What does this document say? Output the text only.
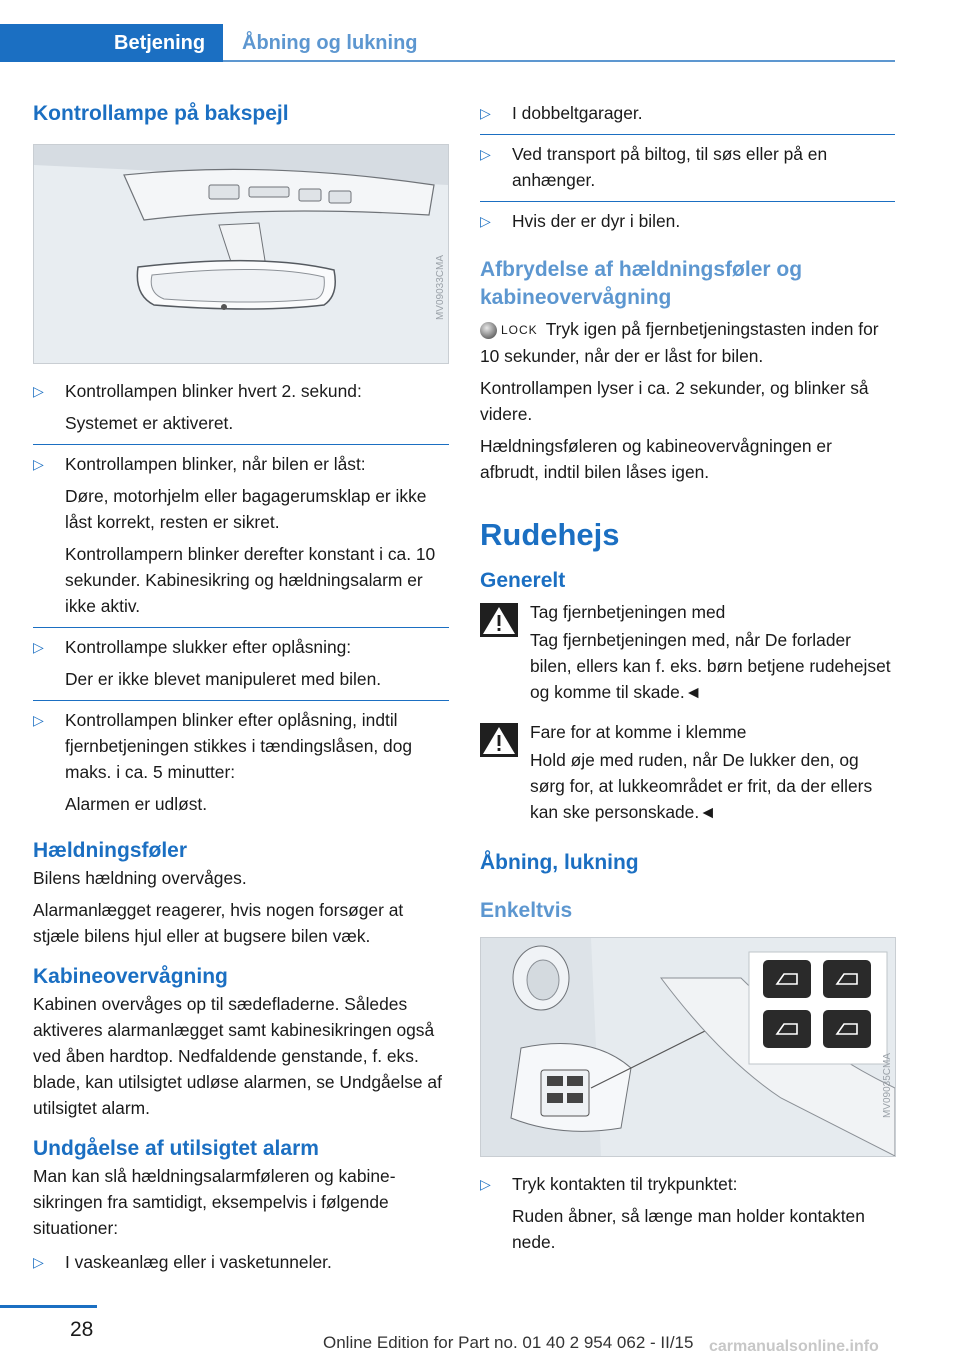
Betjening Åbning og lukning
Kontrollampe på bakspejl
MV09033CMA
▷ Kontrollampen blinker hvert 2. sekund:
Systemet er aktiveret.
▷ Kontrollampen blinker, når bilen er låst:
Døre, motorhjelm eller bagagerumsklap er ikke låst korrekt, resten er sikret.
Kontrollampern blinker derefter konstant i ca. 10 sekunder. Kabinesikring og hældningsalarm er ikke aktiv.
▷ Kontrollampe slukker efter oplåsning:
Der er ikke blevet manipuleret med bilen.
▷ Kontrollampen blinker efter oplåsning, indtil fjernbetjeningen stikkes i tændingslåsen, dog maks. i ca. 5 minutter:
Alarmen er udløst.
Hældningsføler

Bilens hældning overvåges.

Alarmanlægget reagerer, hvis nogen forsøger at stjæle bilens hjul eller at bugsere bilen væk.

Kabineovervågning

Kabinen overvåges op til sædefladerne. Således aktiveres alarmanlægget samt kabinesikringen også ved åben hardtop. Nedfaldende genstande, f. eks. blade, kan utilsigtet udløse alarmen, se Undgåelse af utilsigtet alarm.

Undgåelse af utilsigtet alarm

Man kan slå hældningsalarmføleren og kabinesikringen fra samtidigt, eksempelvis i følgende situationer:

▷ I vaskeanlæg eller i vasketunneler.
▷ I dobbeltgarager.
▷ Ved transport på biltog, til søs eller på en anhænger.
▷ Hvis der er dyr i bilen.
Afbrydelse af hældningsføler og kabineovervågning

LOCK Tryk igen på fjernbetjeningstasten inden for 10 sekunder, når der er låst for bilen.

Kontrollampen lyser i ca. 2 sekunder, og blinker så videre.

Hældningsføleren og kabineovervågningen er afbrudt, indtil bilen låses igen.

Rudehejs
Generelt

Tag fjernbetjeningen med

Tag fjernbetjeningen med, når De forlader bilen, ellers kan f. eks. børn betjene rudehejset og komme til skade.◄

Fare for at komme i klemme

Hold øje med ruden, når De lukker den, og sørg for, at lukkeområdet er frit, da der ellers kan ske personskade.◄

Åbning, lukning
Enkeltvis
MV09035CMA
▷ Tryk kontakten til trykpunktet:
Ruden åbner, så længe man holder kontakten nede.
28
Online Edition for Part no. 01 40 2 954 062 - II/15 carmanualsonline.info
